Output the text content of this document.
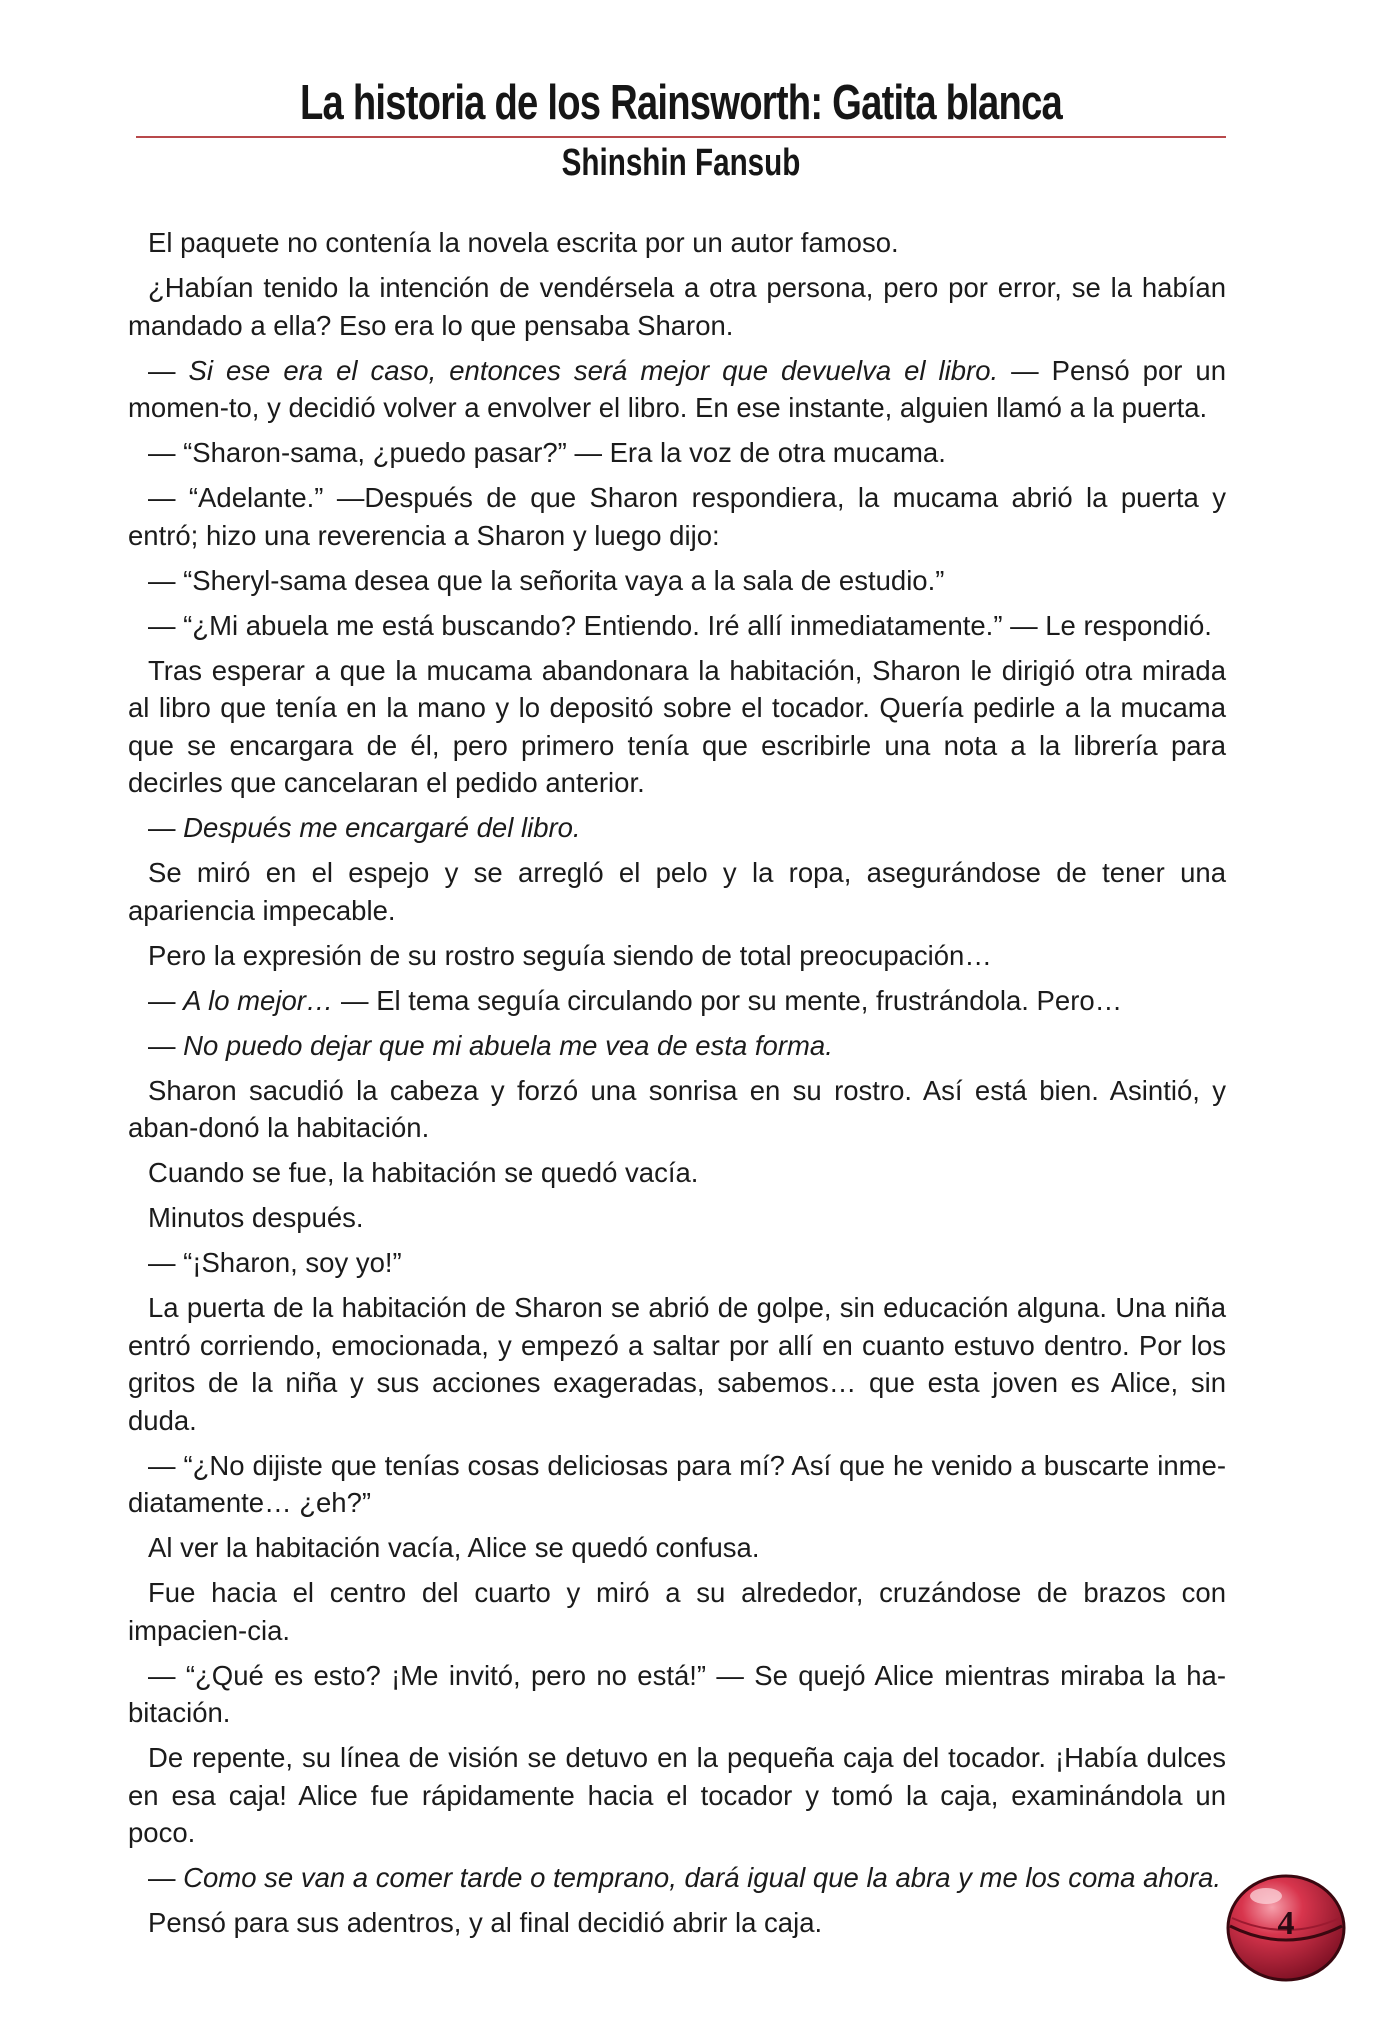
La historia de los Rainsworth: Gatita blanca
Shinshin Fansub

El paquete no contenía la novela escrita por un autor famoso.

¿Habían tenido la intención de vendérsela a otra persona, pero por error, se la habían mandado a ella? Eso era lo que pensaba Sharon.

— Si ese era el caso, entonces será mejor que devuelva el libro. — Pensó por un momen-to, y decidió volver a envolver el libro. En ese instante, alguien llamó a la puerta.

— “Sharon-sama, ¿puedo pasar?” — Era la voz de otra mucama.

— “Adelante.” —Después de que Sharon respondiera, la mucama abrió la puerta y entró; hizo una reverencia a Sharon y luego dijo:

— “Sheryl-sama desea que la señorita vaya a la sala de estudio.”

— “¿Mi abuela me está buscando? Entiendo. Iré allí inmediatamente.” — Le respondió.

Tras esperar a que la mucama abandonara la habitación, Sharon le dirigió otra mirada al libro que tenía en la mano y lo depositó sobre el tocador. Quería pedirle a la mucama que se encargara de él, pero primero tenía que escribirle una nota a la librería para decirles que cancelaran el pedido anterior.

— Después me encargaré del libro.

Se miró en el espejo y se arregló el pelo y la ropa, asegurándose de tener una apariencia impecable.

Pero la expresión de su rostro seguía siendo de total preocupación…

— A lo mejor… — El tema seguía circulando por su mente, frustrándola. Pero…

— No puedo dejar que mi abuela me vea de esta forma.

Sharon sacudió la cabeza y forzó una sonrisa en su rostro. Así está bien. Asintió, y aban-donó la habitación.

Cuando se fue, la habitación se quedó vacía.

Minutos después.

— “¡Sharon, soy yo!”

La puerta de la habitación de Sharon se abrió de golpe, sin educación alguna. Una niña entró corriendo, emocionada, y empezó a saltar por allí en cuanto estuvo dentro. Por los gritos de la niña y sus acciones exageradas, sabemos… que esta joven es Alice, sin duda.

— “¿No dijiste que tenías cosas deliciosas para mí? Así que he venido a buscarte inme-diatamente… ¿eh?”

Al ver la habitación vacía, Alice se quedó confusa.

Fue hacia el centro del cuarto y miró a su alrededor, cruzándose de brazos con impacien-cia.

— “¿Qué es esto? ¡Me invitó, pero no está!” — Se quejó Alice mientras miraba la ha-bitación.

De repente, su línea de visión se detuvo en la pequeña caja del tocador. ¡Había dulces en esa caja! Alice fue rápidamente hacia el tocador y tomó la caja, examinándola un poco.

— Como se van a comer tarde o temprano, dará igual que la abra y me los coma ahora.

Pensó para sus adentros, y al final decidió abrir la caja.	4
